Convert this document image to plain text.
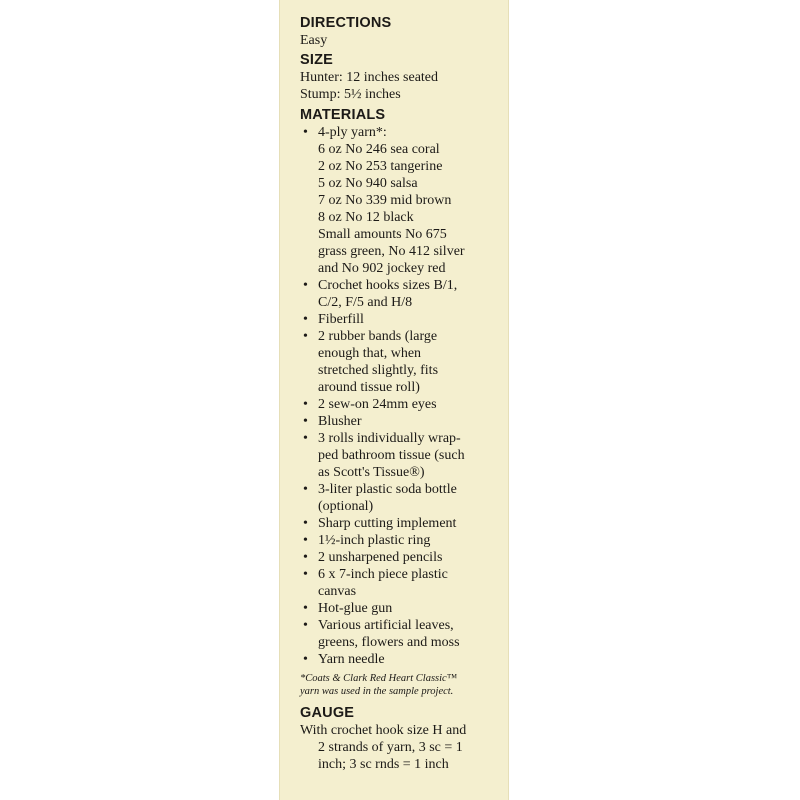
DIRECTIONS
Easy
SIZE
Hunter: 12 inches seated
Stump: 5½ inches
MATERIALS
• 4-ply yarn*:
6 oz No 246 sea coral
2 oz No 253 tangerine
5 oz No 940 salsa
7 oz No 339 mid brown
8 oz No 12 black
Small amounts No 675
grass green, No 412 silver
and No 902 jockey red
• Crochet hooks sizes B/1,
C/2, F/5 and H/8
• Fiberfill
• 2 rubber bands (large
enough that, when
stretched slightly, fits
around tissue roll)
• 2 sew-on 24mm eyes
• Blusher
• 3 rolls individually wrap-
ped bathroom tissue (such
as Scott's Tissue®)
• 3-liter plastic soda bottle
(optional)
• Sharp cutting implement
• 1½-inch plastic ring
• 2 unsharpened pencils
• 6 x 7-inch piece plastic
canvas
• Hot-glue gun
• Various artificial leaves,
greens, flowers and moss
• Yarn needle
*Coats & Clark Red Heart Classic™
yarn was used in the sample project.
GAUGE
With crochet hook size H and
2 strands of yarn, 3 sc = 1
inch; 3 sc rnds = 1 inch
